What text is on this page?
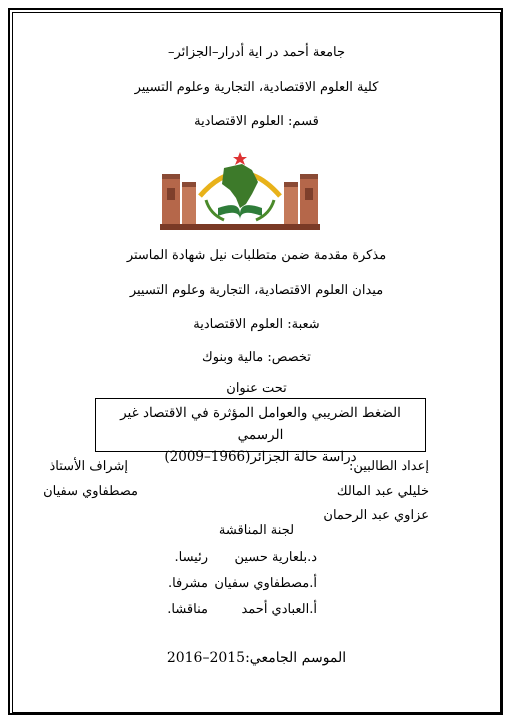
جامعة أحمد در اية أدرار–الجزائر–
كلية العلوم الاقتصادية، التجارية وعلوم التسيير
قسم: العلوم الاقتصادية
مذكرة مقدمة ضمن متطلبات نيل شهادة الماستر
ميدان العلوم الاقتصادية، التجارية وعلوم التسيير
شعبة: العلوم الاقتصادية
تخصص: مالية وبنوك
تحت عنوان
الضغط الضريبي والعوامل المؤثرة في الاقتصاد غير الرسمي
دراسة حالة الجزائر(1966–2009)
إعداد الطالبين:
إشراف الأستاذ
خليلي عبد المالك
مصطفاوي سفيان
عزاوي عبد الرحمان
لجنة المناقشة
د.بلعارية حسين
رئيسا.
أ.مصطفاوي سفيان
مشرفا.
أ.العبادي أحمد
مناقشا.
الموسم الجامعي:2015–2016
